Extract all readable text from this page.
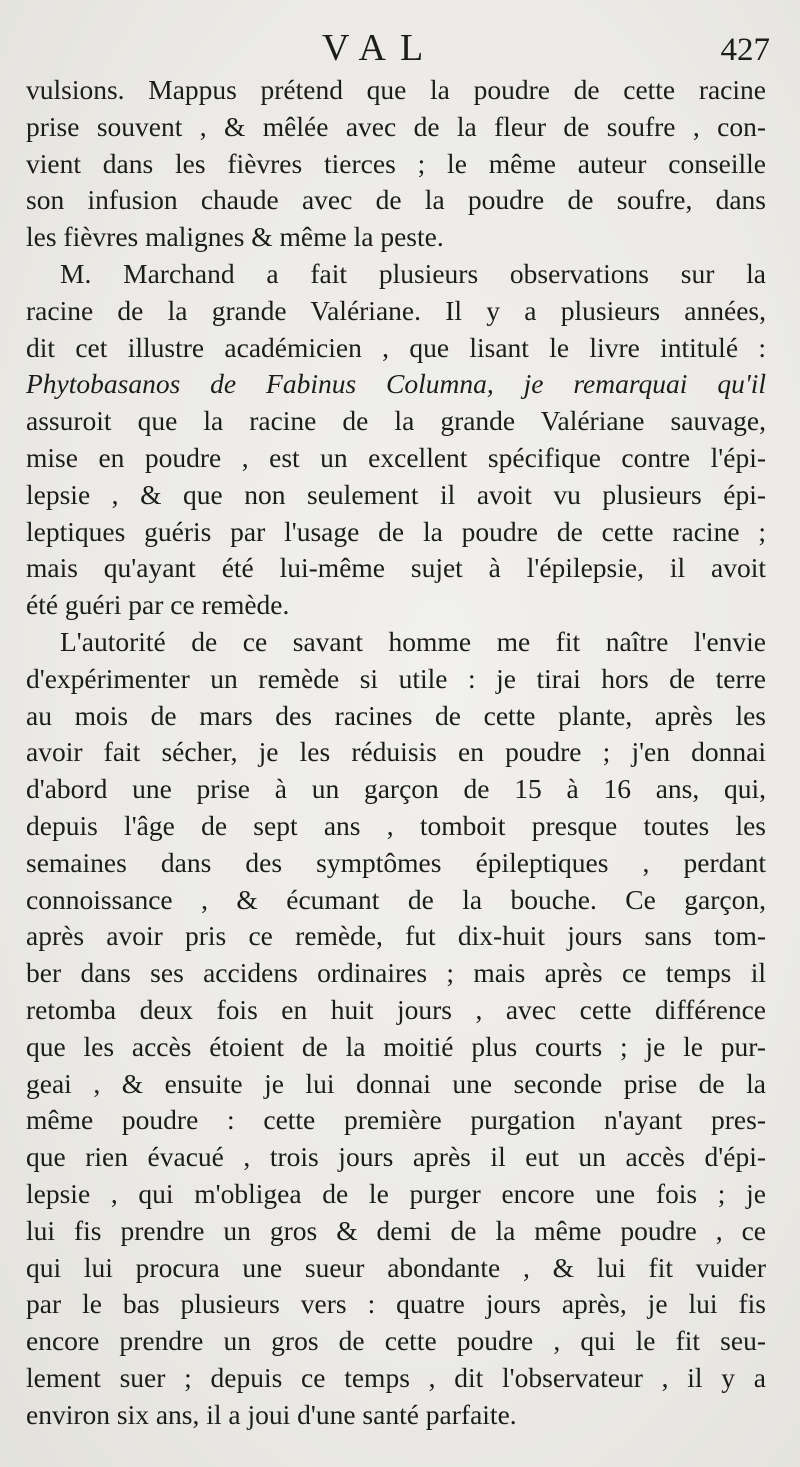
VAL	427
vulsions. Mappus prétend que la poudre de cette racine
prise souvent , & mêlée avec de la fleur de soufre , con-
vient dans les fièvres tierces ; le même auteur conseille
son infusion chaude avec de la poudre de soufre, dans
les fièvres malignes & même la peste.
M. Marchand a fait plusieurs observations sur la
racine de la grande Valériane. Il y a plusieurs années,
dit cet illustre académicien , que lisant le livre intitulé :
Phytobasanos de Fabinus Columna, je remarquai qu'il
assuroit que la racine de la grande Valériane sauvage,
mise en poudre , est un excellent spécifique contre l'épi-
lepsie , & que non seulement il avoit vu plusieurs épi-
leptiques guéris par l'usage de la poudre de cette racine ;
mais qu'ayant été lui-même sujet à l'épilepsie, il avoit
été guéri par ce remède.
L'autorité de ce savant homme me fit naître l'envie
d'expérimenter un remède si utile : je tirai hors de terre
au mois de mars des racines de cette plante, après les
avoir fait sécher, je les réduisis en poudre ; j'en donnai
d'abord une prise à un garçon de 15 à 16 ans, qui,
depuis l'âge de sept ans , tomboit presque toutes les
semaines dans des symptômes épileptiques , perdant
connoissance , & écumant de la bouche. Ce garçon,
après avoir pris ce remède, fut dix-huit jours sans tom-
ber dans ses accidens ordinaires ; mais après ce temps il
retomba deux fois en huit jours , avec cette différence
que les accès étoient de la moitié plus courts ; je le pur-
geai , & ensuite je lui donnai une seconde prise de la
même poudre : cette première purgation n'ayant pres-
que rien évacué , trois jours après il eut un accès d'épi-
lepsie , qui m'obligea de le purger encore une fois ; je
lui fis prendre un gros & demi de la même poudre , ce
qui lui procura une sueur abondante , & lui fit vuider
par le bas plusieurs vers : quatre jours après, je lui fis
encore prendre un gros de cette poudre , qui le fit seu-
lement suer ; depuis ce temps , dit l'observateur , il y a
environ six ans, il a joui d'une santé parfaite.
